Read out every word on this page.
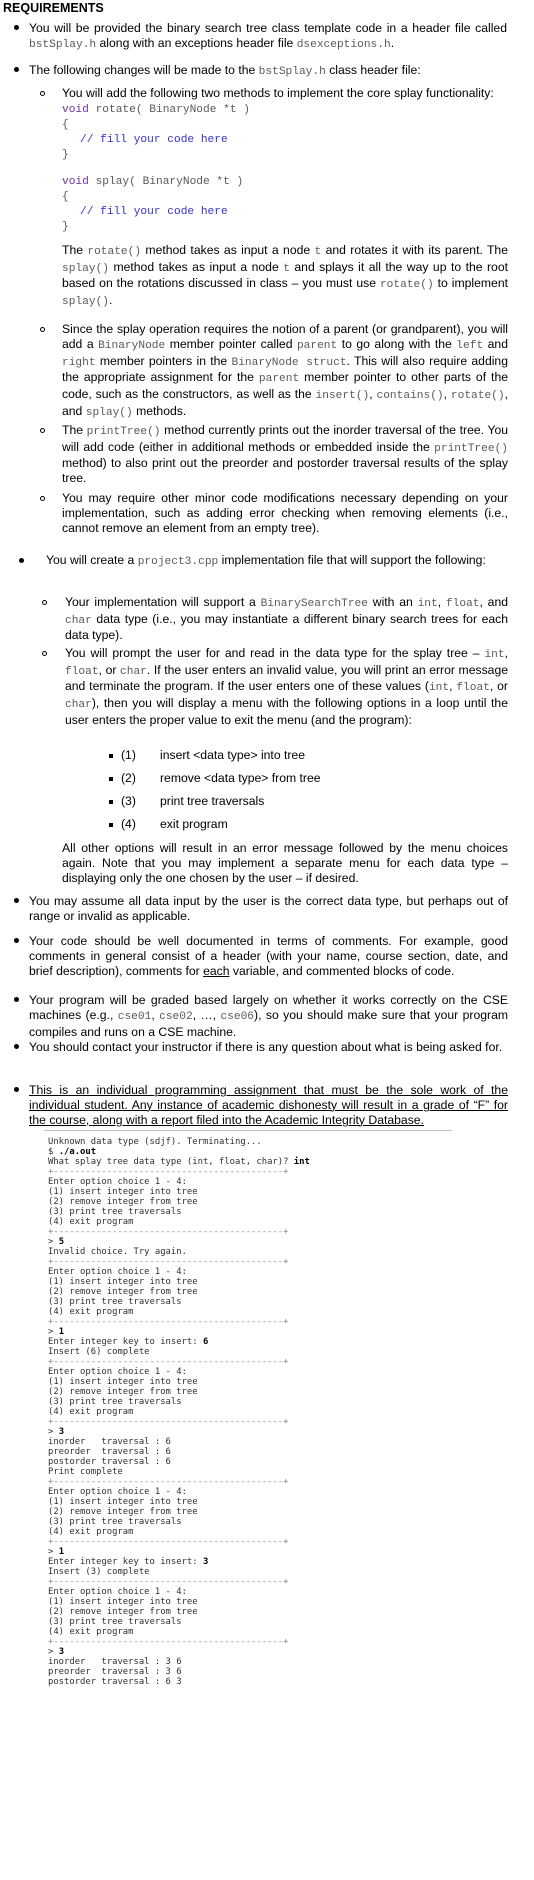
REQUIREMENTS
You will be provided the binary search tree class template code in a header file called bstSplay.h along with an exceptions header file dsexceptions.h.
The following changes will be made to the bstSplay.h class header file:
You will add the following two methods to implement the core splay functionality:
void rotate( BinaryNode *t )
{
// fill your code here
}
void splay( BinaryNode *t )
{
// fill your code here
}
The rotate() method takes as input a node t and rotates it with its parent. The splay() method takes as input a node t and splays it all the way up to the root based on the rotations discussed in class – you must use rotate() to implement splay().
Since the splay operation requires the notion of a parent (or grandparent), you will add a BinaryNode member pointer called parent to go along with the left and right member pointers in the BinaryNode struct. This will also require adding the appropriate assignment for the parent member pointer to other parts of the code, such as the constructors, as well as the insert(), contains(), rotate(), and splay() methods.
The printTree() method currently prints out the inorder traversal of the tree. You will add code (either in additional methods or embedded inside the printTree() method) to also print out the preorder and postorder traversal results of the splay tree.
You may require other minor code modifications necessary depending on your implementation, such as adding error checking when removing elements (i.e., cannot remove an element from an empty tree).
You will create a project3.cpp implementation file that will support the following:
Your implementation will support a BinarySearchTree with an int, float, and char data type (i.e., you may instantiate a different binary search trees for each data type).
You will prompt the user for and read in the data type for the splay tree – int, float, or char. If the user enters an invalid value, you will print an error message and terminate the program. If the user enters one of these values (int, float, or char), then you will display a menu with the following options in a loop until the user enters the proper value to exit the menu (and the program):
(1) insert <data type> into tree
(2) remove <data type> from tree
(3) print tree traversals
(4) exit program
All other options will result in an error message followed by the menu choices again. Note that you may implement a separate menu for each data type – displaying only the one chosen by the user – if desired.
You may assume all data input by the user is the correct data type, but perhaps out of range or invalid as applicable.
Your code should be well documented in terms of comments. For example, good comments in general consist of a header (with your name, course section, date, and brief description), comments for each variable, and commented blocks of code.
Your program will be graded based largely on whether it works correctly on the CSE machines (e.g., cse01, cse02, …, cse06), so you should make sure that your program compiles and runs on a CSE machine.
You should contact your instructor if there is any question about what is being asked for.
This is an individual programming assignment that must be the sole work of the individual student. Any instance of academic dishonesty will result in a grade of “F” for the course, along with a report filed into the Academic Integrity Database.
Unknown data type (sdjf). Terminating...
$ ./a.out
What splay tree data type (int, float, char)? int
+-------------------------------------------+
Enter option choice 1 - 4:
(1) insert integer into tree
(2) remove integer from tree
(3) print tree traversals
(4) exit program
+-------------------------------------------+
> 5
Invalid choice. Try again.
+-------------------------------------------+
Enter option choice 1 - 4:
(1) insert integer into tree
(2) remove integer from tree
(3) print tree traversals
(4) exit program
+-------------------------------------------+
> 1
Enter integer key to insert: 6
Insert (6) complete
+-------------------------------------------+
Enter option choice 1 - 4:
(1) insert integer into tree
(2) remove integer from tree
(3) print tree traversals
(4) exit program
+-------------------------------------------+
> 3
inorder   traversal : 6
preorder  traversal : 6
postorder traversal : 6
Print complete
+-------------------------------------------+
Enter option choice 1 - 4:
(1) insert integer into tree
(2) remove integer from tree
(3) print tree traversals
(4) exit program
+-------------------------------------------+
> 1
Enter integer key to insert: 3
Insert (3) complete
+-------------------------------------------+
Enter option choice 1 - 4:
(1) insert integer into tree
(2) remove integer from tree
(3) print tree traversals
(4) exit program
+-------------------------------------------+
> 3
inorder   traversal : 3 6
preorder  traversal : 3 6
postorder traversal : 6 3
